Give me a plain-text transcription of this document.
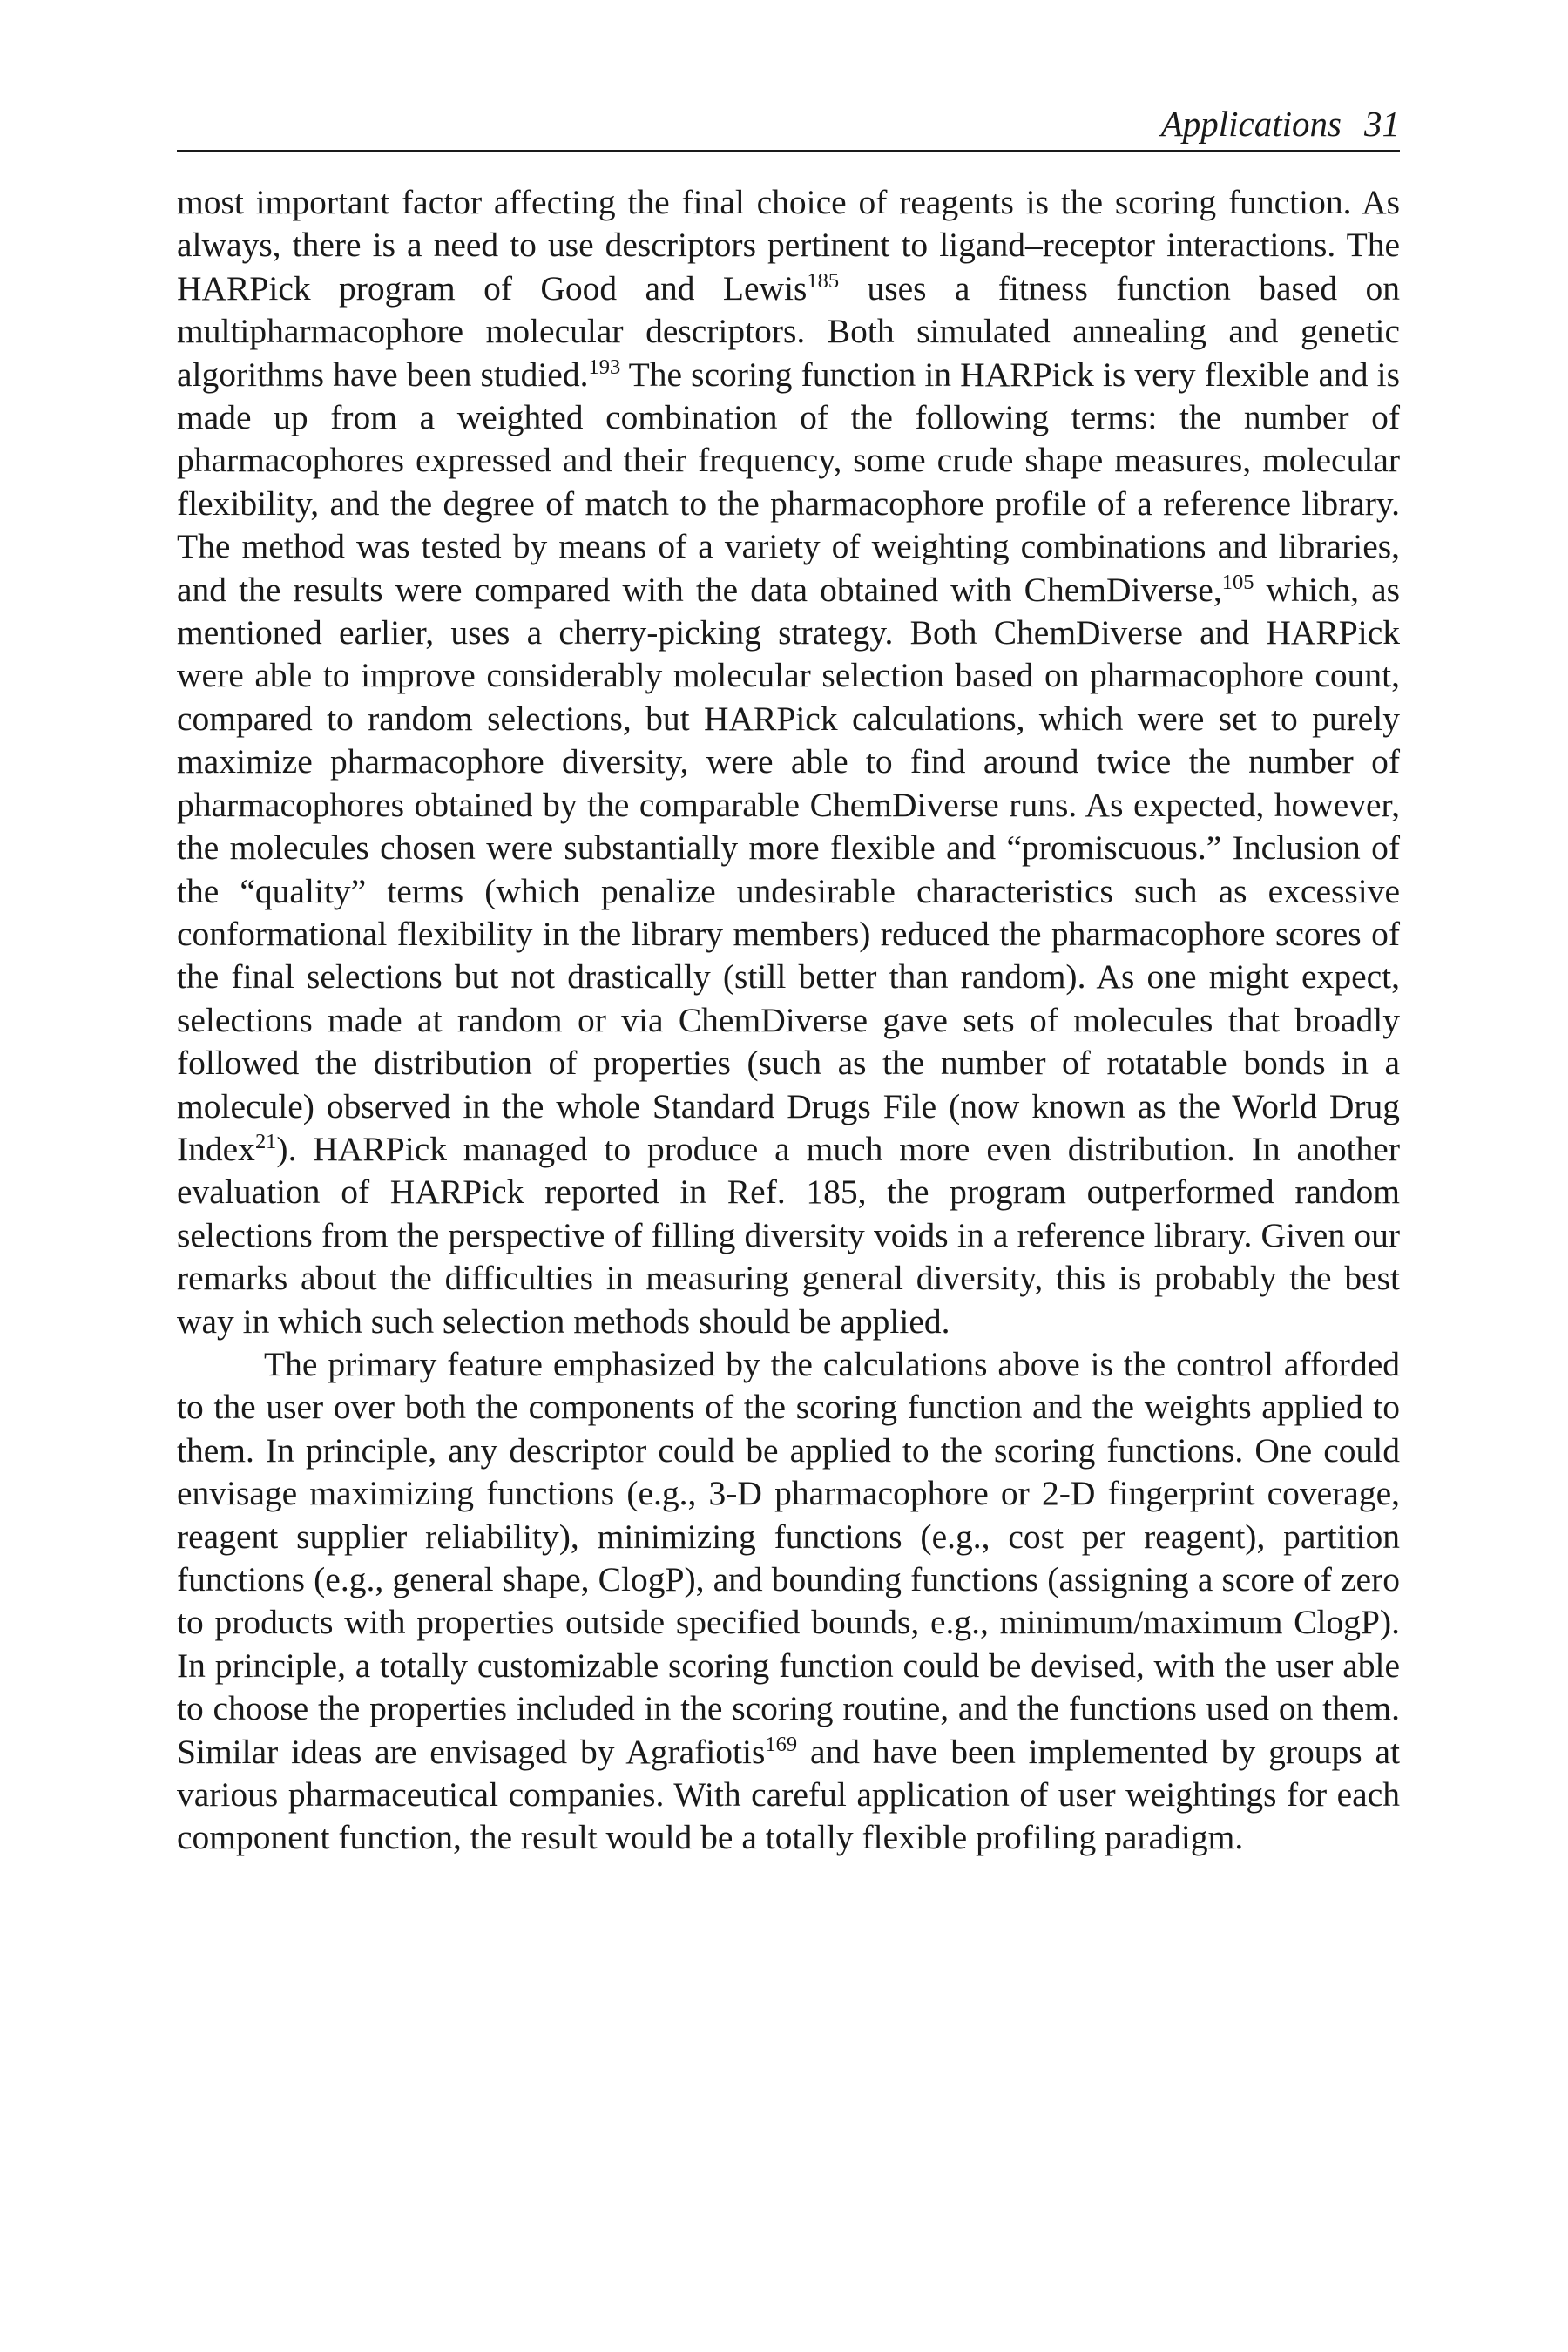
Applications 31

most important factor affecting the final choice of reagents is the scoring function. As always, there is a need to use descriptors pertinent to ligand–receptor interactions. The HARPick program of Good and Lewis$^{185}$ uses a fitness function based on multipharmacophore molecular descriptors. Both simulated annealing and genetic algorithms have been studied.$^{193}$ The scoring function in HARPick is very flexible and is made up from a weighted combination of the following terms: the number of pharmacophores expressed and their frequency, some crude shape measures, molecular flexibility, and the degree of match to the pharmacophore profile of a reference library. The method was tested by means of a variety of weighting combinations and libraries, and the results were compared with the data obtained with ChemDiverse,$^{105}$ which, as mentioned earlier, uses a cherry-picking strategy. Both ChemDiverse and HARPick were able to improve considerably molecular selection based on pharmacophore count, compared to random selections, but HARPick calculations, which were set to purely maximize pharmacophore diversity, were able to find around twice the number of pharmacophores obtained by the comparable ChemDiverse runs. As expected, however, the molecules chosen were substantially more flexible and “promiscuous.” Inclusion of the “quality” terms (which penalize undesirable characteristics such as excessive conformational flexibility in the library members) reduced the pharmacophore scores of the final selections but not drastically (still better than random). As one might expect, selections made at random or via ChemDiverse gave sets of molecules that broadly followed the distribution of properties (such as the number of rotatable bonds in a molecule) observed in the whole Standard Drugs File (now known as the World Drug Index$^{21}$). HARPick managed to produce a much more even distribution. In another evaluation of HARPick reported in Ref. 185, the program outperformed random selections from the perspective of filling diversity voids in a reference library. Given our remarks about the difficulties in measuring general diversity, this is probably the best way in which such selection methods should be applied.

The primary feature emphasized by the calculations above is the control afforded to the user over both the components of the scoring function and the weights applied to them. In principle, any descriptor could be applied to the scoring functions. One could envisage maximizing functions (e.g., 3-D pharmacophore or 2-D fingerprint coverage, reagent supplier reliability), minimizing functions (e.g., cost per reagent), partition functions (e.g., general shape, ClogP), and bounding functions (assigning a score of zero to products with properties outside specified bounds, e.g., minimum/maximum ClogP). In principle, a totally customizable scoring function could be devised, with the user able to choose the properties included in the scoring routine, and the functions used on them. Similar ideas are envisaged by Agrafiotis$^{169}$ and have been implemented by groups at various pharmaceutical companies. With careful application of user weightings for each component function, the result would be a totally flexible profiling paradigm.
